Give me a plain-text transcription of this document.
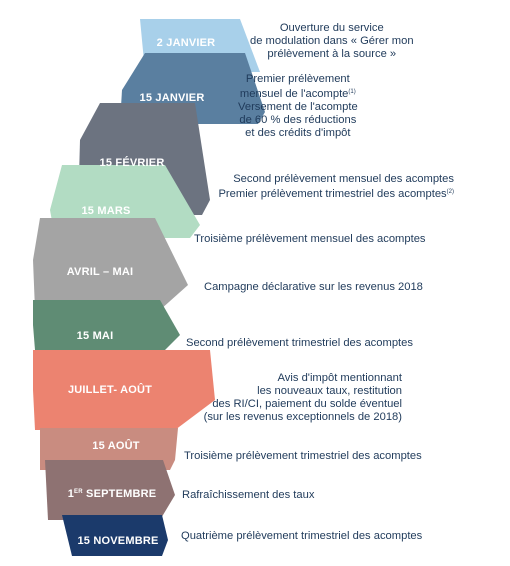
2 JANVIER
15 JANVIER
15 FÉVRIER
15 MARS
AVRIL – MAI
15 MAI
JUILLET- AOÛT
15 AOÛT
1ER SEPTEMBRE
15 NOVEMBRE
Ouverture du service
de modulation dans « Gérer mon
prélèvement à la source »
Premier prélèvement
mensuel de l'acompte$^{(1)}$
Versement de l'acompte
de 60 % des réductions
et des crédits d'impôt
Second prélèvement mensuel des acomptes
Premier prélèvement trimestriel des acomptes$^{(2)}$
Troisième prélèvement mensuel des acomptes
Campagne déclarative sur les revenus 2018
Second prélèvement trimestriel des acomptes
Avis d'impôt mentionnant
les nouveaux taux, restitution
des RI/CI, paiement du solde éventuel
(sur les revenus exceptionnels de 2018)
Troisième prélèvement trimestriel des acomptes
Rafraîchissement des taux
Quatrième prélèvement trimestriel des acomptes
